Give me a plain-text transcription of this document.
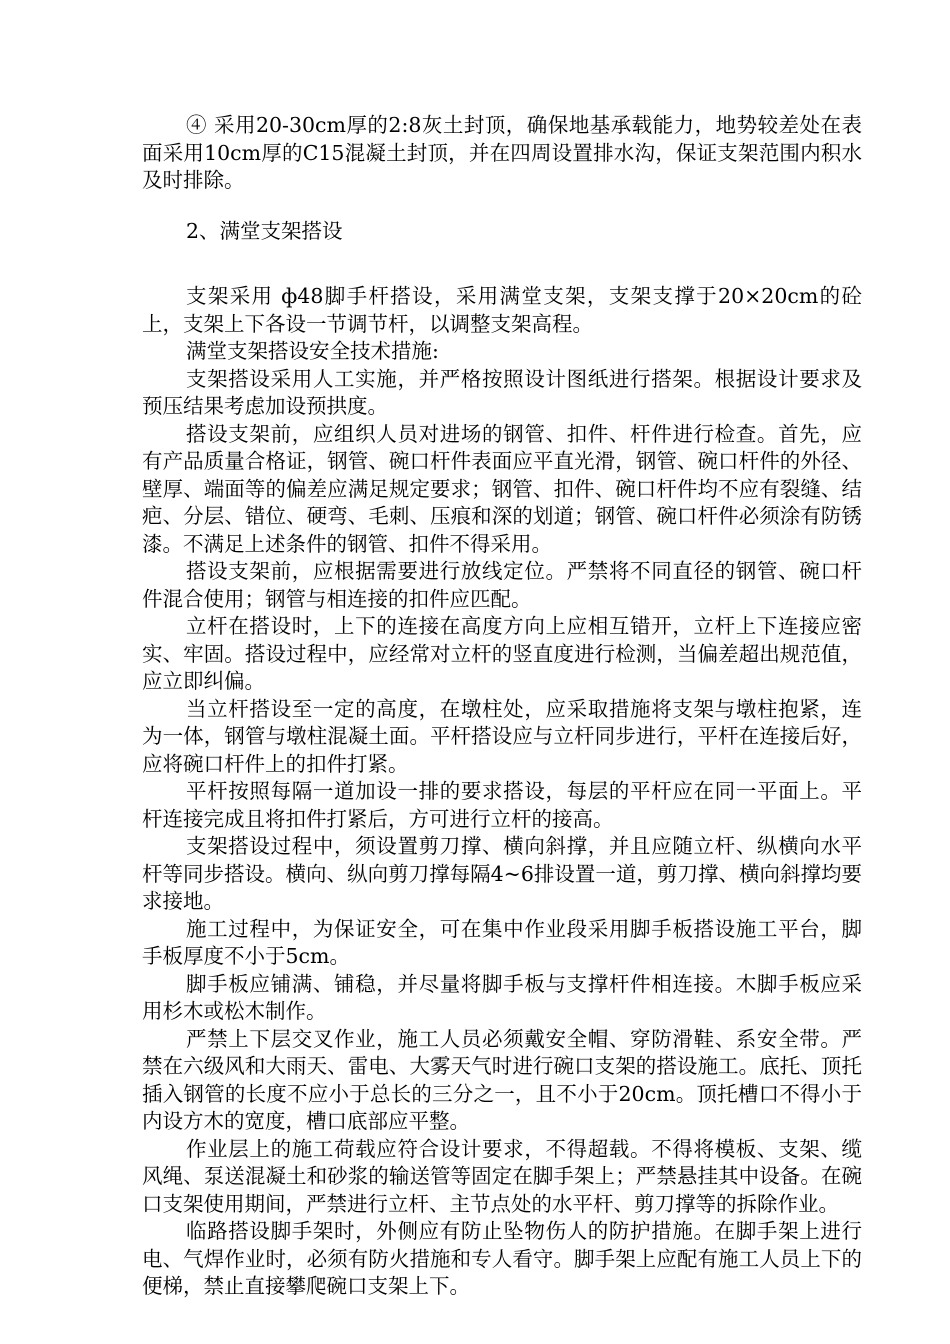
④ 采用20-30cm厚的2:8灰土封顶，确保地基承载能力，地势较差处在表面采用10cm厚的C15混凝土封顶，并在四周设置排水沟，保证支架范围内积水及时排除。

2、满堂支架搭设

支架采用 ф48脚手杆搭设，采用满堂支架，支架支撑于20×20cm的砼上，支架上下各设一节调节杆，以调整支架高程。

满堂支架搭设安全技术措施:

支架搭设采用人工实施，并严格按照设计图纸进行搭架。根据设计要求及预压结果考虑加设预拱度。

搭设支架前，应组织人员对进场的钢管、扣件、杆件进行检查。首先，应有产品质量合格证，钢管、碗口杆件表面应平直光滑，钢管、碗口杆件的外径、壁厚、端面等的偏差应满足规定要求；钢管、扣件、碗口杆件均不应有裂缝、结疤、分层、错位、硬弯、毛刺、压痕和深的划道；钢管、碗口杆件必须涂有防锈漆。不满足上述条件的钢管、扣件不得采用。

搭设支架前，应根据需要进行放线定位。严禁将不同直径的钢管、碗口杆件混合使用；钢管与相连接的扣件应匹配。

立杆在搭设时，上下的连接在高度方向上应相互错开，立杆上下连接应密实、牢固。搭设过程中，应经常对立杆的竖直度进行检测，当偏差超出规范值，应立即纠偏。

当立杆搭设至一定的高度，在墩柱处，应采取措施将支架与墩柱抱紧，连为一体，钢管与墩柱混凝土面。平杆搭设应与立杆同步进行，平杆在连接后好，应将碗口杆件上的扣件打紧。

平杆按照每隔一道加设一排的要求搭设，每层的平杆应在同一平面上。平杆连接完成且将扣件打紧后，方可进行立杆的接高。

支架搭设过程中，须设置剪刀撑、横向斜撑，并且应随立杆、纵横向水平杆等同步搭设。横向、纵向剪刀撑每隔4~6排设置一道，剪刀撑、横向斜撑均要求接地。

施工过程中，为保证安全，可在集中作业段采用脚手板搭设施工平台，脚手板厚度不小于5cm。

脚手板应铺满、铺稳，并尽量将脚手板与支撑杆件相连接。木脚手板应采用杉木或松木制作。

严禁上下层交叉作业，施工人员必须戴安全帽、穿防滑鞋、系安全带。严禁在六级风和大雨天、雷电、大雾天气时进行碗口支架的搭设施工。底托、顶托插入钢管的长度不应小于总长的三分之一，且不小于20cm。顶托槽口不得小于内设方木的宽度，槽口底部应平整。

作业层上的施工荷载应符合设计要求，不得超载。不得将模板、支架、缆风绳、泵送混凝土和砂浆的输送管等固定在脚手架上；严禁悬挂其中设备。在碗口支架使用期间，严禁进行立杆、主节点处的水平杆、剪刀撑等的拆除作业。

临路搭设脚手架时，外侧应有防止坠物伤人的防护措施。在脚手架上进行电、气焊作业时，必须有防火措施和专人看守。脚手架上应配有施工人员上下的便梯，禁止直接攀爬碗口支架上下。
